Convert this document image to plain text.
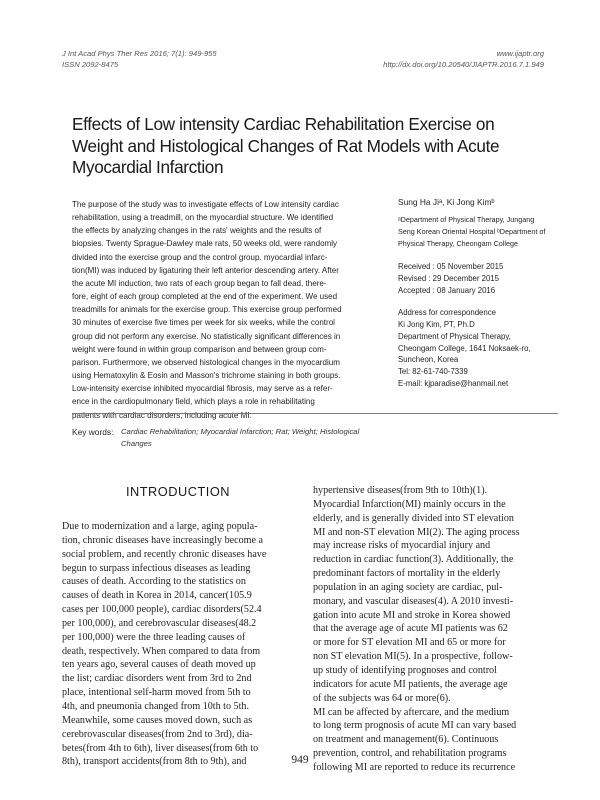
J Int Acad Phys Ther Res 2016; 7(1): 949-955
ISSN 2092-8475
www.ijaptr.org
http://dx.doi.org/10.20540/JIAPTR.2016.7.1.949
Effects of Low intensity Cardiac Rehabilitation Exercise on
Weight and Histological Changes of Rat Models with Acute
Myocardial Infarction
The purpose of the study was to investigate effects of Low intensity cardiac
rehabilitation, using a treadmill, on the myocardial structure. We identified
the effects by analyzing changes in the rats' weights and the results of
biopsies. Twenty Sprague-Dawley male rats, 50 weeks old, were randomly
divided into the exercise group and the control group. myocardial infarc-
tion(MI) was induced by ligaturing their left anterior descending artery. After
the acute MI induction, two rats of each group began to fall dead, there-
fore, eight of each group completed at the end of the experiment. We used
treadmills for animals for the exercise group. This exercise group performed
30 minutes of exercise five times per week for six weeks, while the control
group did not perform any exercise. No statistically significant differences in
weight were found in within group comparison and between group com-
parison. Furthermore, we observed histological changes in the myocardium
using Hematoxylin & Eosin and Masson's trichrome staining in both groups.
Low-intensity exercise inhibited myocardial fibrosis, may serve as a refer-
ence in the cardiopulmonary field, which plays a role in rehabilitating
patients with cardiac disorders, including acute MI.
Sung Ha Jiᵃ, Ki Jong Kimᵇ
ᵃDepartment of Physical Therapy, Jungang
Seng Korean Oriental Hospital ᵇDepartment of
Physical Therapy, Cheongam College
Received : 05 November 2015
Revised : 29 December 2015
Accepted : 08 January 2016
Address for correspondence
Ki Jong Kim, PT, Ph.D
Department of Physical Therapy,
Cheongam College, 1641 Noksaek-ro,
Suncheon, Korea
Tel: 82-61-740-7339
E-mail: kjparadise@hanmail.net
Key words: Cardiac Rehabilitation; Myocardial Infarction; Rat; Weight; Histological
Changes
INTRODUCTION
Due to modernization and a large, aging popula-
tion, chronic diseases have increasingly become a
social problem, and recently chronic diseases have
begun to surpass infectious diseases as leading
causes of death. According to the statistics on
causes of death in Korea in 2014, cancer(105.9
cases per 100,000 people), cardiac disorders(52.4
per 100,000), and cerebrovascular diseases(48.2
per 100,000) were the three leading causes of
death, respectively. When compared to data from
ten years ago, several causes of death moved up
the list; cardiac disorders went from 3rd to 2nd
place, intentional self-harm moved from 5th to
4th, and pneumonia changed from 10th to 5th.
Meanwhile, some causes moved down, such as
cerebrovascular diseases(from 2nd to 3rd), dia-
betes(from 4th to 6th), liver diseases(from 6th to
8th), transport accidents(from 8th to 9th), and
hypertensive diseases(from 9th to 10th)(1).
Myocardial Infarction(MI) mainly occurs in the
elderly, and is generally divided into ST elevation
MI and non-ST elevation MI(2). The aging process
may increase risks of myocardial injury and
reduction in cardiac function(3). Additionally, the
predominant factors of mortality in the elderly
population in an aging society are cardiac, pul-
monary, and vascular diseases(4). A 2010 investi-
gation into acute MI and stroke in Korea showed
that the average age of acute MI patients was 62
or more for ST elevation MI and 65 or more for
non ST elevation MI(5). In a prospective, follow-
up study of identifying prognoses and control
indicators for acute MI patients, the average age
of the subjects was 64 or more(6).
MI can be affected by aftercare, and the medium
to long term prognosis of acute MI can vary based
on treatment and management(6). Continuous
prevention, control, and rehabilitation programs
following MI are reported to reduce its recurrence
949
